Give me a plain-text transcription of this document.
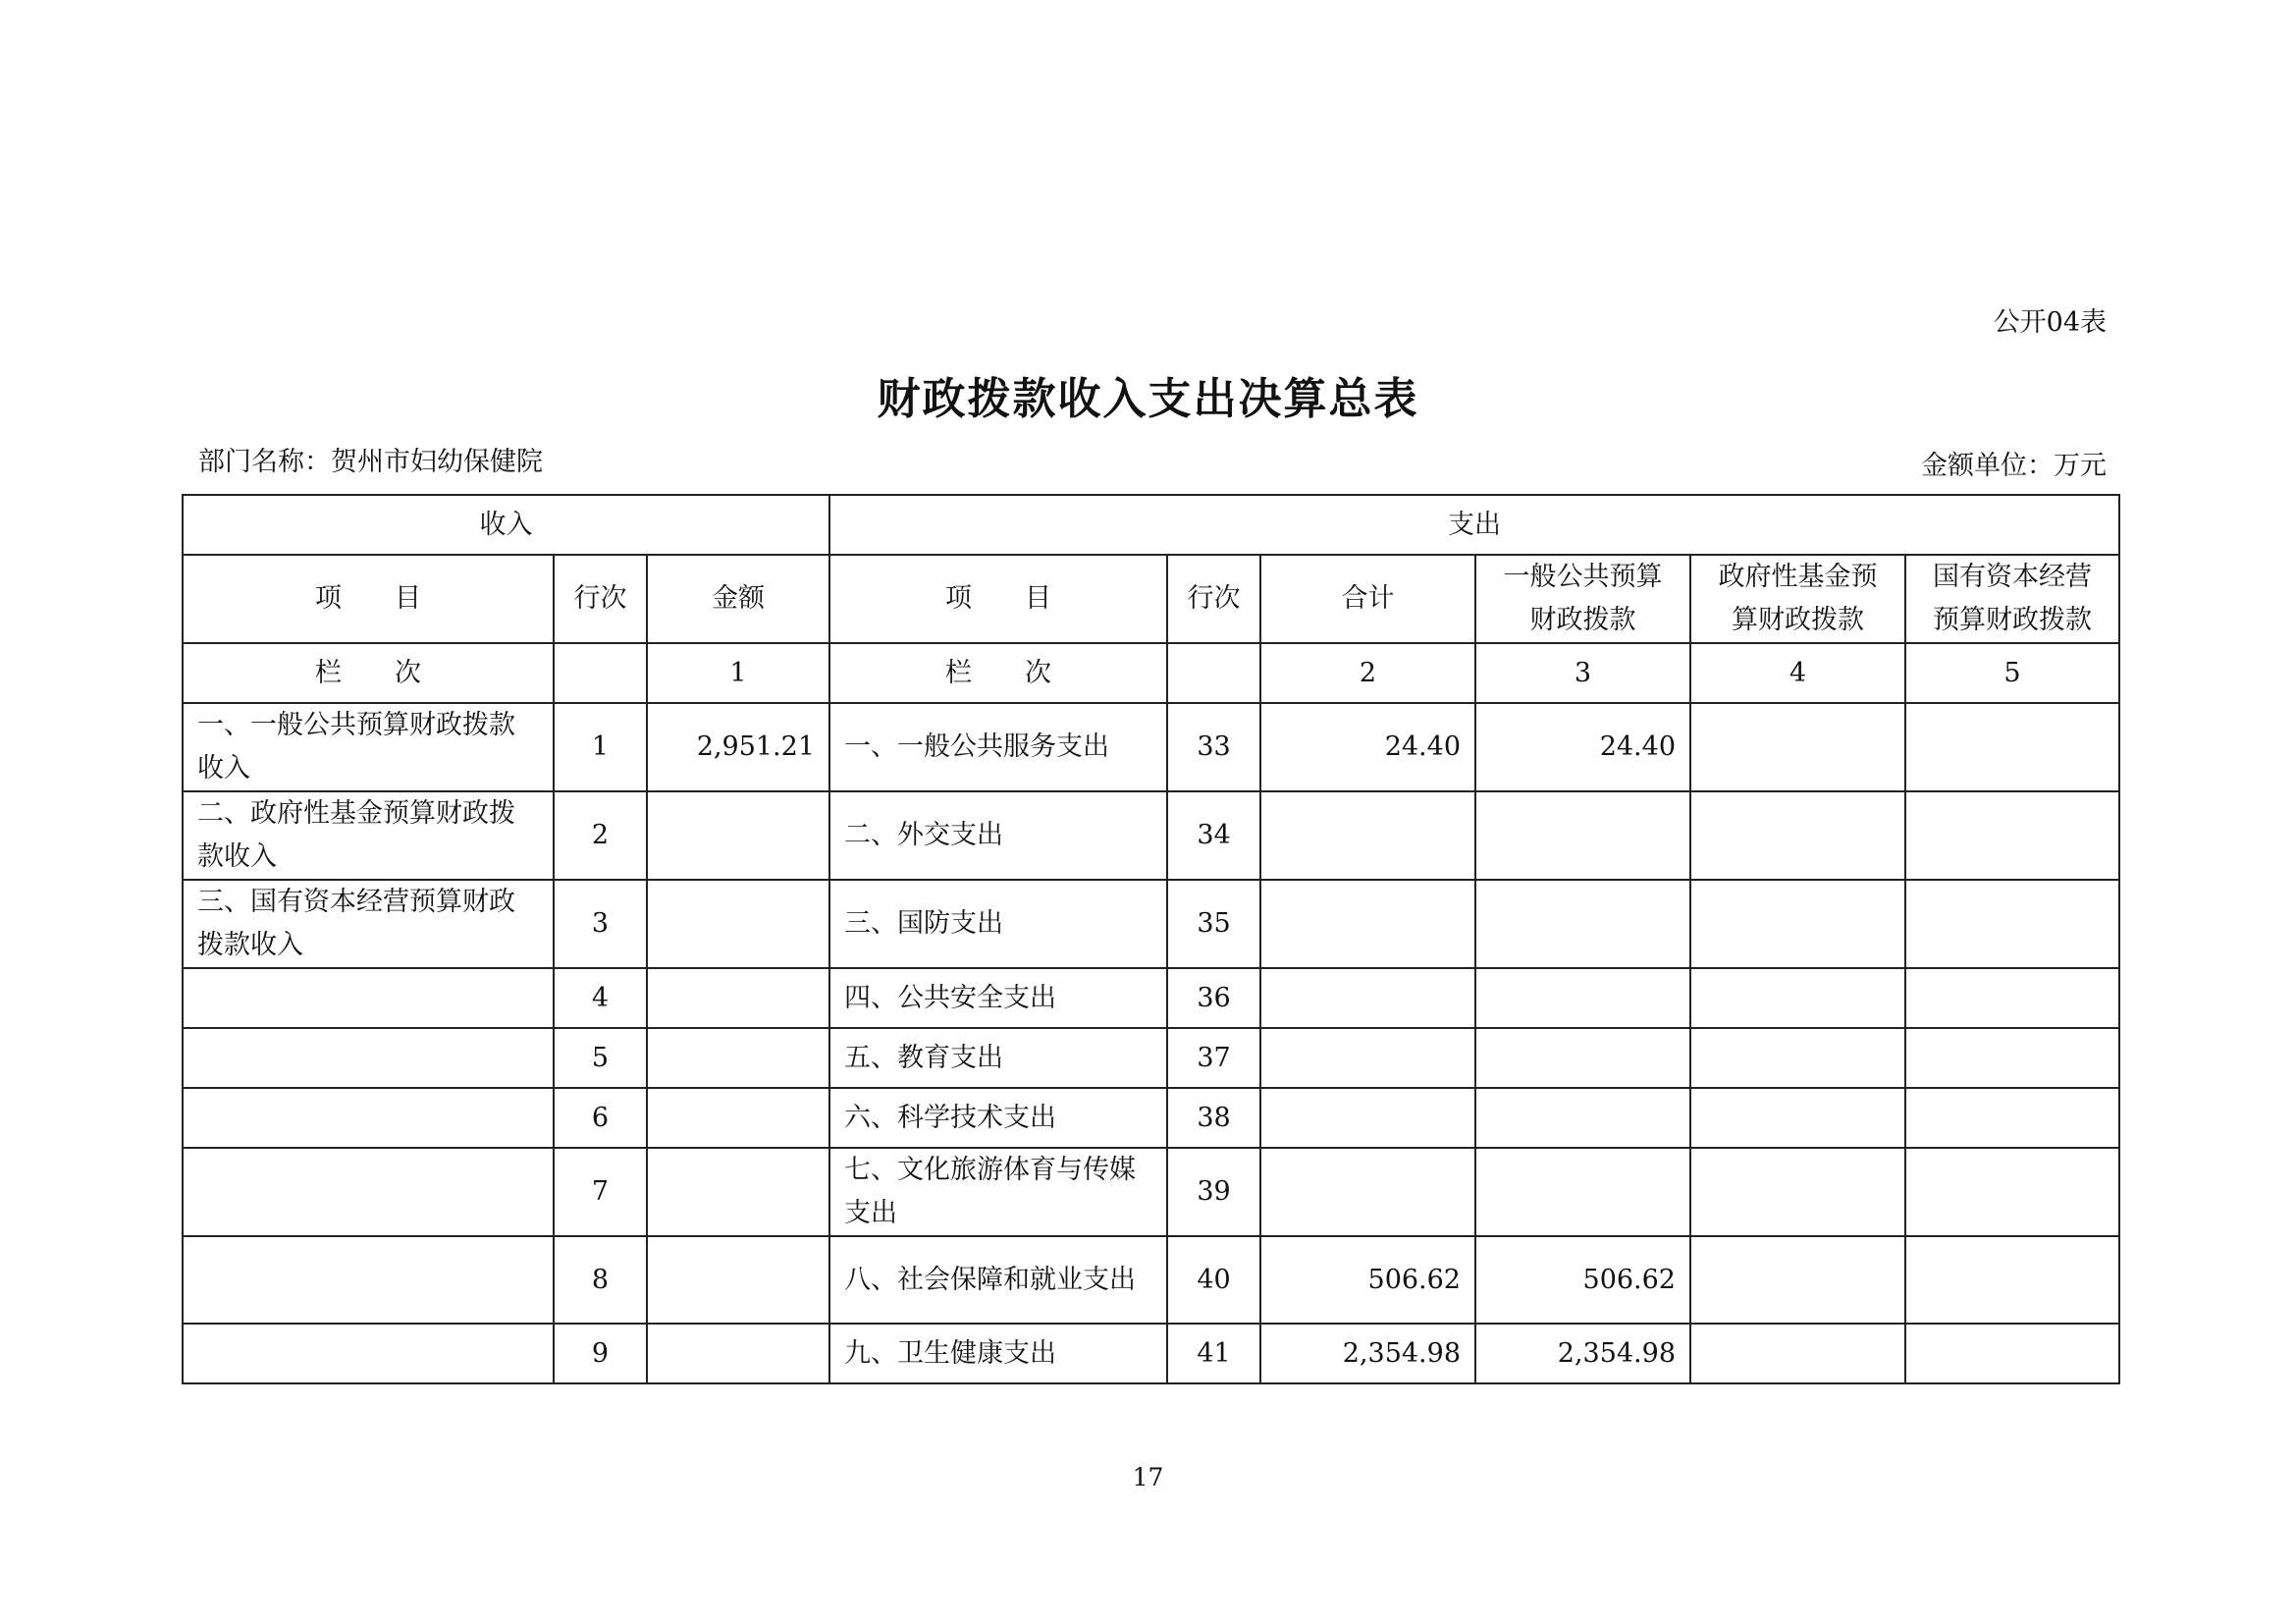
公开04表
财政拨款收入支出决算总表
部门名称：贺州市妇幼保健院	金额单位：万元
收入			支出					
项　　目	行次	金额	项　　目	行次	合计	一般公共预算财政拨款	政府性基金预算财政拨款	国有资本经营预算财政拨款
栏　　次		1	栏　　次		2	3	4	5
一、一般公共预算财政拨款收入	1	2,951.21	一、一般公共服务支出	33	24.40	24.40		
二、政府性基金预算财政拨款收入	2		二、外交支出	34				
三、国有资本经营预算财政拨款收入	3		三、国防支出	35				
	4		四、公共安全支出	36				
	5		五、教育支出	37				
	6		六、科学技术支出	38				
	7		七、文化旅游体育与传媒支出	39				
	8		八、社会保障和就业支出	40	506.62	506.62		
	9		九、卫生健康支出	41	2,354.98	2,354.98		
17
